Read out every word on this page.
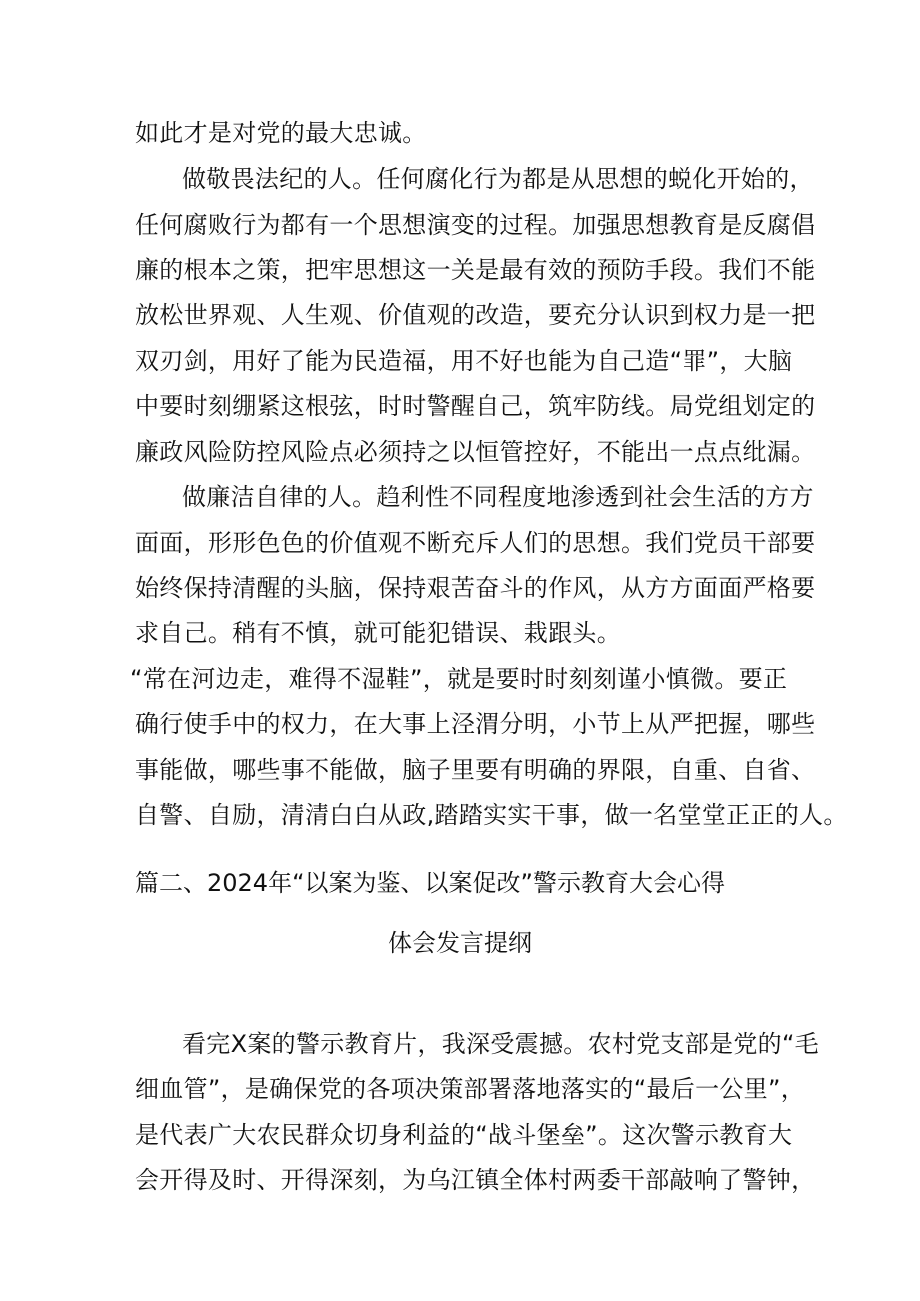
如此才是对党的最大忠诚。
做敬畏法纪的人。任何腐化行为都是从思想的蜕化开始的，
任何腐败行为都有一个思想演变的过程。加强思想教育是反腐倡
廉的根本之策，把牢思想这一关是最有效的预防手段。我们不能
放松世界观、人生观、价值观的改造，要充分认识到权力是一把
双刃剑，用好了能为民造福，用不好也能为自己造“罪”，大脑
中要时刻绷紧这根弦，时时警醒自己，筑牢防线。局党组划定的
廉政风险防控风险点必须持之以恒管控好，不能出一点点纰漏。
做廉洁自律的人。趋利性不同程度地渗透到社会生活的方方
面面，形形色色的价值观不断充斥人们的思想。我们党员干部要
始终保持清醒的头脑，保持艰苦奋斗的作风，从方方面面严格要
求自己。稍有不慎，就可能犯错误、栽跟头。
“常在河边走，难得不湿鞋”，就是要时时刻刻谨小慎微。要正
确行使手中的权力，在大事上泾渭分明，小节上从严把握，哪些
事能做，哪些事不能做，脑子里要有明确的界限，自重、自省、
自警、自励，清清白白从政,踏踏实实干事，做一名堂堂正正的人。
篇二、2024年“以案为鉴、以案促改”警示教育大会心得
体会发言提纲
看完X案的警示教育片，我深受震撼。农村党支部是党的“毛
细血管”，是确保党的各项决策部署落地落实的“最后一公里”，
是代表广大农民群众切身利益的“战斗堡垒”。这次警示教育大
会开得及时、开得深刻，为乌江镇全体村两委干部敲响了警钟，
